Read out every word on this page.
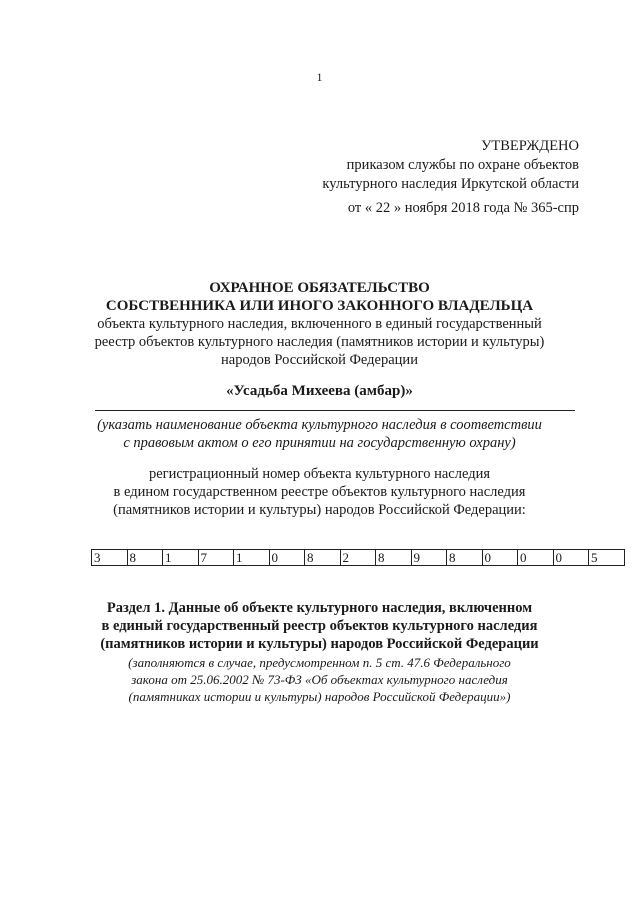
1
УТВЕРЖДЕНО
приказом службы по охране объектов
культурного наследия Иркутской области
от « 22 » ноября 2018 года № 365-спр
ОХРАННОЕ ОБЯЗАТЕЛЬСТВО
СОБСТВЕННИКА ИЛИ ИНОГО ЗАКОННОГО ВЛАДЕЛЬЦА
объекта культурного наследия, включенного в единый государственный
реестр объектов культурного наследия (памятников истории и культуры)
народов Российской Федерации
«Усадьба Михеева (амбар)»
(указать наименование объекта культурного наследия в соответствии
с правовым актом о его принятии на государственную охрану)
регистрационный номер объекта культурного наследия
в едином государственном реестре объектов культурного наследия
(памятников истории и культуры) народов Российской Федерации:
3	8	1	7	1	0	8	2	8	9	8	0	0	0	5
Раздел 1. Данные об объекте культурного наследия, включенном
в единый государственный реестр объектов культурного наследия
(памятников истории и культуры) народов Российской Федерации
(заполняются в случае, предусмотренном п. 5 ст. 47.6 Федерального
закона от 25.06.2002 № 73-ФЗ «Об объектах культурного наследия
(памятниках истории и культуры) народов Российской Федерации»)
